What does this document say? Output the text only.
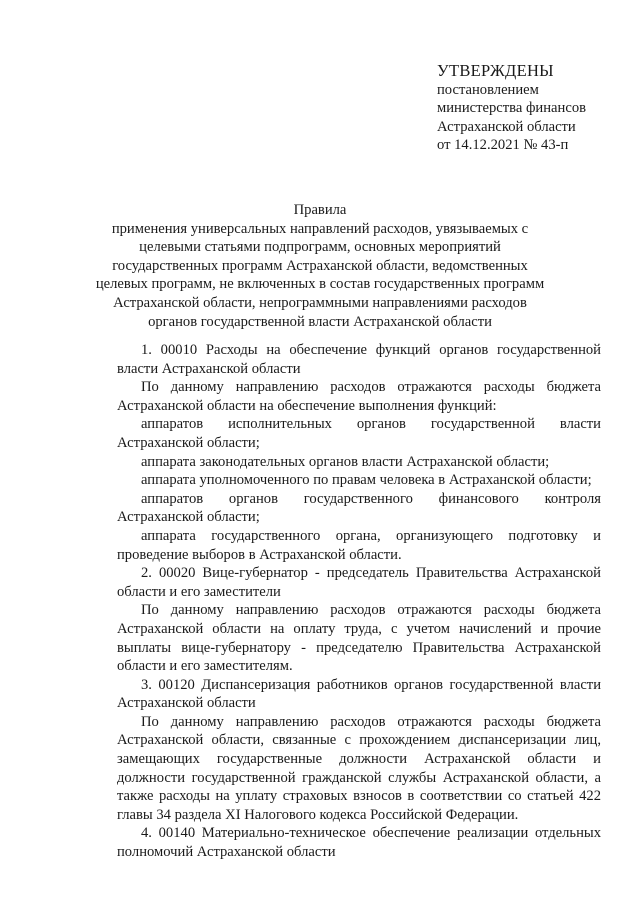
УТВЕРЖДЕНЫ
постановлением
министерства финансов
Астраханской области
от 14.12.2021 № 43-п
Правила
применения универсальных направлений расходов, увязываемых с целевыми статьями подпрограмм, основных мероприятий государственных программ Астраханской области, ведомственных целевых программ, не включенных в состав государственных программ Астраханской области, непрограммными направлениями расходов органов государственной власти Астраханской области

1. 00010 Расходы на обеспечение функций органов государственной власти Астраханской области

По данному направлению расходов отражаются расходы бюджета Астраханской области на обеспечение выполнения функций:

аппаратов исполнительных органов государственной власти Астраханской области;

аппарата законодательных органов власти Астраханской области;

аппарата уполномоченного по правам человека в Астраханской области;

аппаратов органов государственного финансового контроля Астраханской области;

аппарата государственного органа, организующего подготовку и проведение выборов в Астраханской области.

2. 00020 Вице-губернатор - председатель Правительства Астраханской области и его заместители

По данному направлению расходов отражаются расходы бюджета Астраханской области на оплату труда, с учетом начислений и прочие выплаты вице-губернатору - председателю Правительства Астраханской области и его заместителям.

3. 00120 Диспансеризация работников органов государственной власти Астраханской области

По данному направлению расходов отражаются расходы бюджета Астраханской области, связанные с прохождением диспансеризации лиц, замещающих государственные должности Астраханской области и должности государственной гражданской службы Астраханской области, а также расходы на уплату страховых взносов в соответствии со статьей 422 главы 34 раздела XI Налогового кодекса Российской Федерации.

4. 00140 Материально-техническое обеспечение реализации отдельных полномочий Астраханской области
